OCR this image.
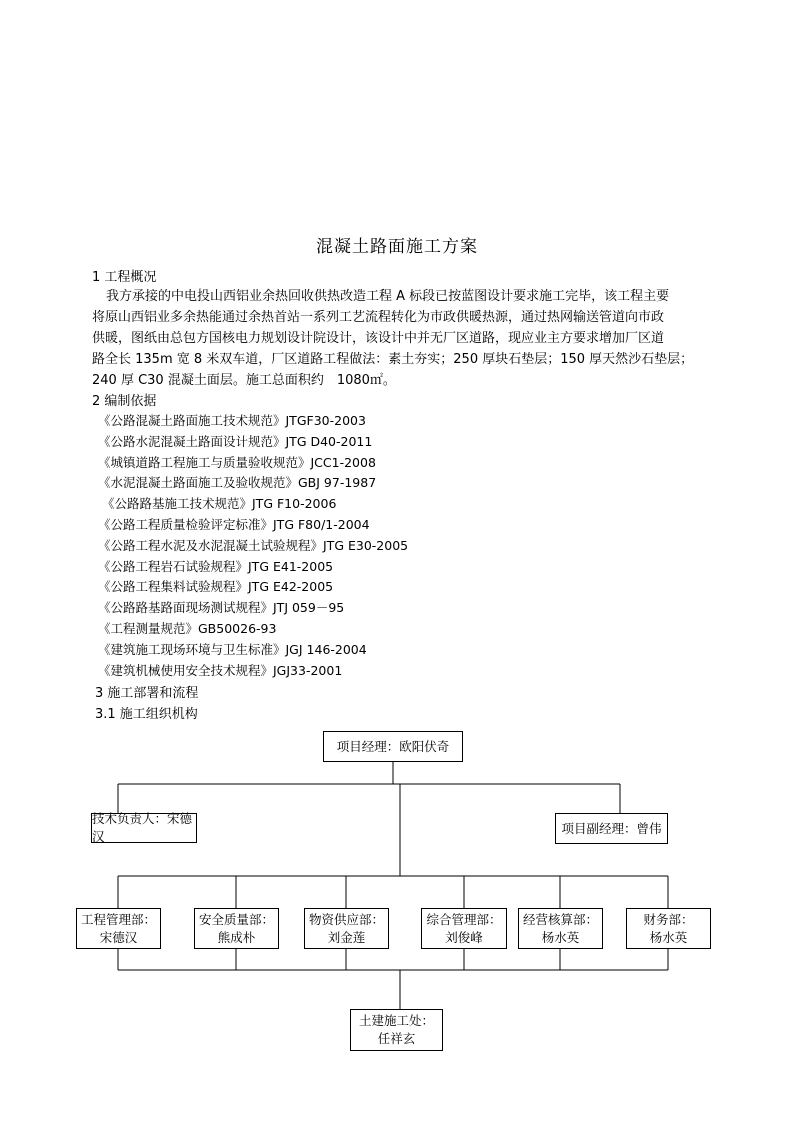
混凝土路面施工方案
1 工程概况
我方承接的中电投山西铝业余热回收供热改造工程 A 标段已按蓝图设计要求施工完毕，该工程主要
将原山西铝业多余热能通过余热首站一系列工艺流程转化为市政供暖热源，通过热网输送管道向市政
供暖，图纸由总包方国核电力规划设计院设计，该设计中并无厂区道路，现应业主方要求增加厂区道
路全长 135m 宽 8 米双车道，厂区道路工程做法：素土夯实；250 厚块石垫层；150 厚天然沙石垫层；
240 厚 C30 混凝土面层。施工总面积约　1080㎡。
2 编制依据
《公路混凝土路面施工技术规范》JTGF30-2003
《公路水泥混凝土路面设计规范》JTG D40-2011
《城镇道路工程施工与质量验收规范》JCC1-2008
《水泥混凝土路面施工及验收规范》GBJ 97-1987
《公路路基施工技术规范》JTG F10-2006
《公路工程质量检验评定标准》JTG F80/1-2004
《公路工程水泥及水泥混凝土试验规程》JTG E30-2005
《公路工程岩石试验规程》JTG E41-2005
《公路工程集料试验规程》JTG E42-2005
《公路路基路面现场测试规程》JTJ 059－95
《工程测量规范》GB50026-93
《建筑施工现场环境与卫生标准》JGJ 146-2004
《建筑机械使用安全技术规程》JGJ33-2001
3 施工部署和流程
3.1 施工组织机构
项目经理：欧阳伏奇
技术负责人：宋德汉
项目副经理：曾伟
工程管理部：
宋德汉
安全质量部：
熊成朴
物资供应部：
刘金莲
综合管理部：
刘俊峰
经营核算部：
杨水英
财务部：
杨水英
土建施工处：
任祥玄
